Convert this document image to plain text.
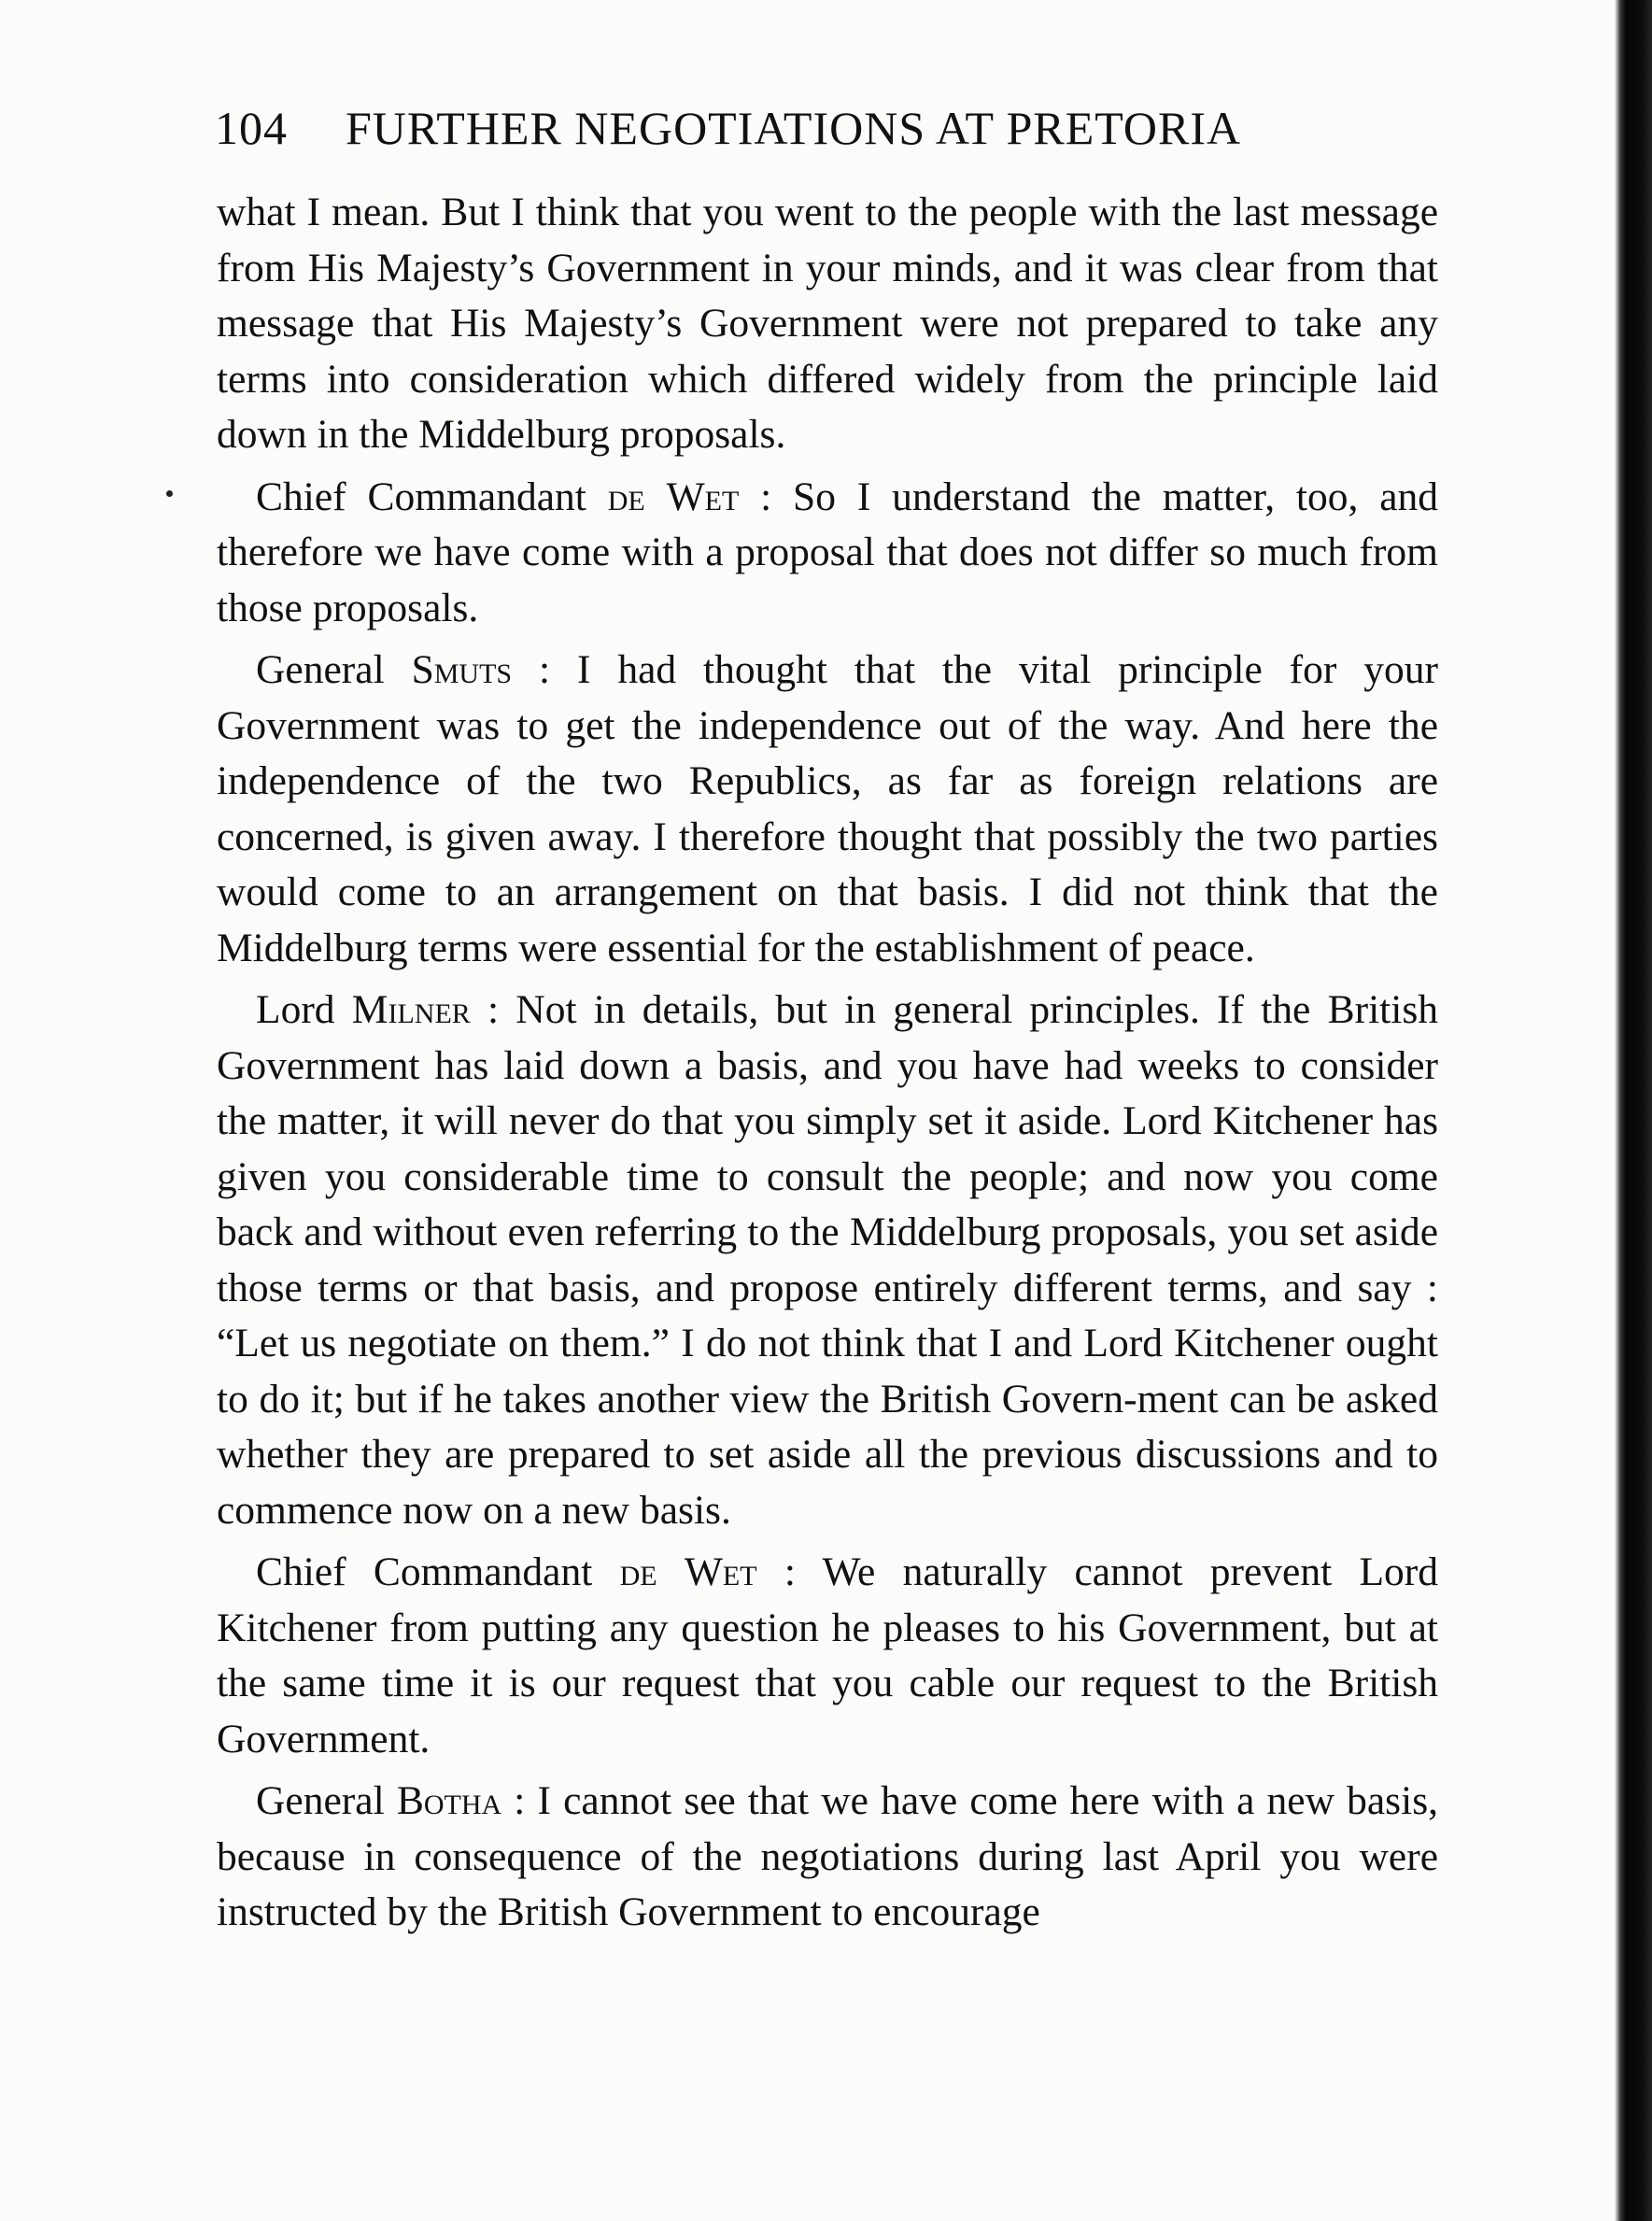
104 FURTHER NEGOTIATIONS AT PRETORIA

what I mean. But I think that you went to the people with the last message from His Majesty’s Government in your minds, and it was clear from that message that His Majesty’s Government were not prepared to take any terms into consideration which differed widely from the principle laid down in the Middelburg proposals.

Chief Commandant de Wet : So I understand the matter, too, and therefore we have come with a proposal that does not differ so much from those proposals.

General Smuts : I had thought that the vital principle for your Government was to get the independence out of the way. And here the independence of the two Republics, as far as foreign relations are concerned, is given away. I therefore thought that possibly the two parties would come to an arrangement on that basis. I did not think that the Middelburg terms were essential for the establishment of peace.

Lord Milner : Not in details, but in general principles. If the British Government has laid down a basis, and you have had weeks to consider the matter, it will never do that you simply set it aside. Lord Kitchener has given you considerable time to consult the people; and now you come back and without even referring to the Middelburg proposals, you set aside those terms or that basis, and propose entirely different terms, and say : “Let us negotiate on them.” I do not think that I and Lord Kitchener ought to do it; but if he takes another view the British Govern-ment can be asked whether they are prepared to set aside all the previous discussions and to commence now on a new basis.

Chief Commandant de Wet : We naturally cannot prevent Lord Kitchener from putting any question he pleases to his Government, but at the same time it is our request that you cable our request to the British Government.

General Botha : I cannot see that we have come here with a new basis, because in consequence of the negotiations during last April you were instructed by the British Government to encourage
